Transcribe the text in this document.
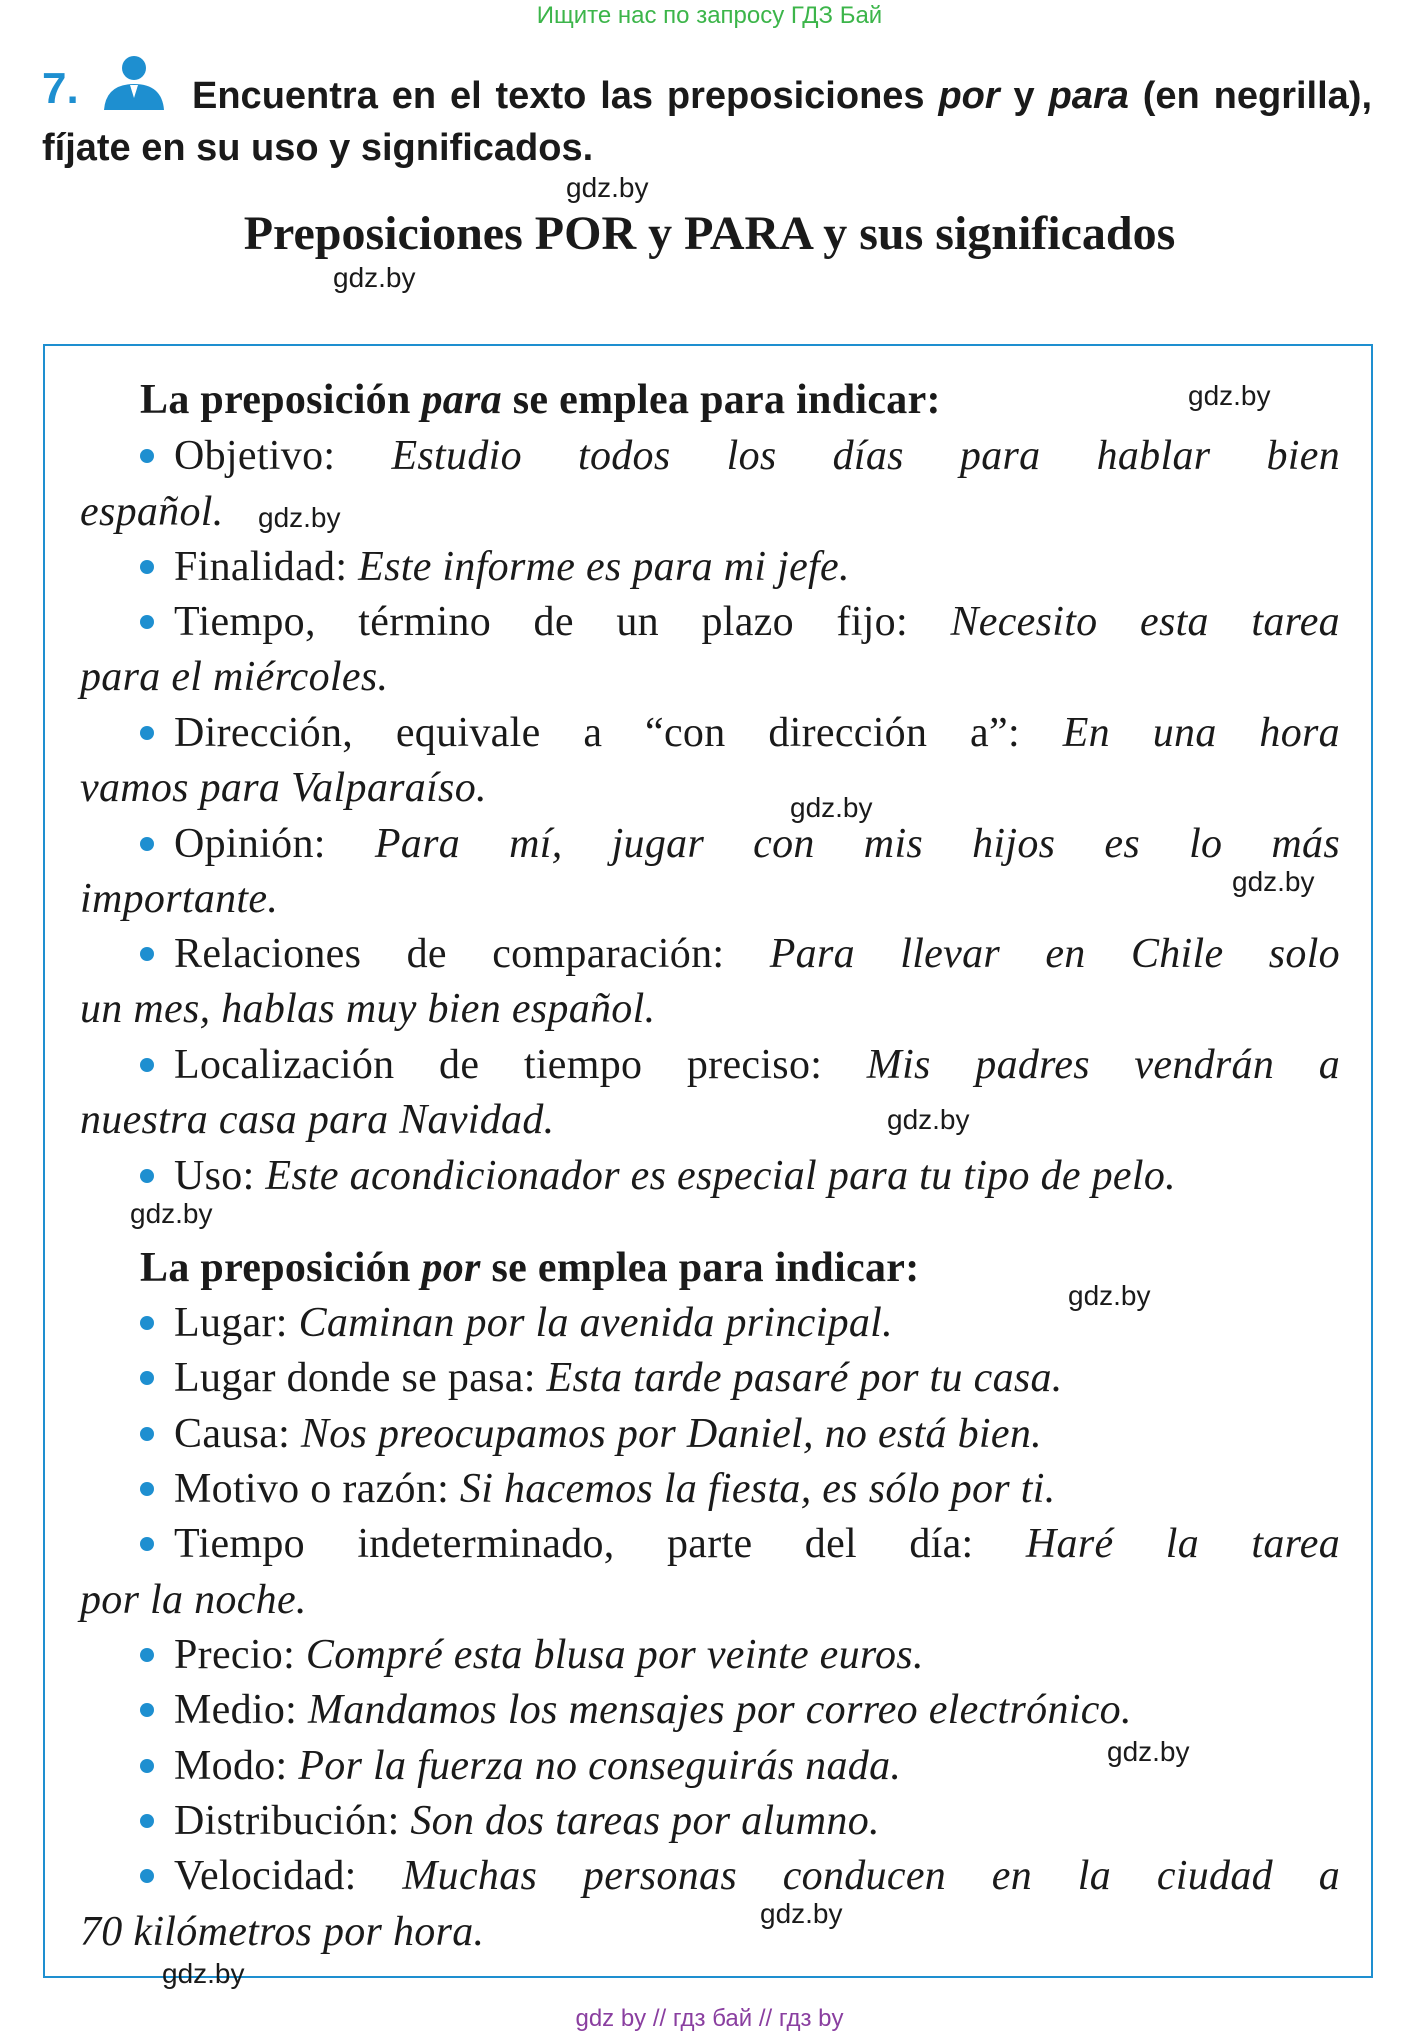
Ищите нас по запросу ГДЗ Бай
7.	Encuentra en el texto las preposiciones por y para (en negrilla), fíjate en su uso y significados.
gdz.by
Preposiciones POR y PARA y sus significados
gdz.by
La preposición para se emplea para indicar:	gdz.by
Objetivo: Estudio todos los días para hablar bien
español.	gdz.by
Finalidad: Este informe es para mi jefe.
Tiempo, término de un plazo fijo: Necesito esta tarea
para el miércoles.
Dirección, equivale a “con dirección a”: En una hora
vamos para Valparaíso.	gdz.by
Opinión: Para mí, jugar con mis hijos es lo más
importante.	gdz.by
Relaciones de comparación: Para llevar en Chile solo
un mes, hablas muy bien español.
Localización de tiempo preciso: Mis padres vendrán a
nuestra casa para Navidad.	gdz.by
Uso: Este acondicionador es especial para tu tipo de pelo.
gdz.by
La preposición por se emplea para indicar:
Lugar: Caminan por la avenida principal.
gdz.by
Lugar donde se pasa: Esta tarde pasaré por tu casa.
Causa: Nos preocupamos por Daniel, no está bien.
Motivo o razón: Si hacemos la fiesta, es sólo por ti.
Tiempo indeterminado, parte del día: Haré la tarea
por la noche.
Precio: Compré esta blusa por veinte euros.
Medio: Mandamos los mensajes por correo electrónico.
Modo: Por la fuerza no conseguirás nada.	gdz.by
Distribución: Son dos tareas por alumno.
Velocidad: Muchas personas conducen en la ciudad a
70 kilómetros por hora.	gdz.by
gdz.by
gdz by // гдз бай // гдз by
